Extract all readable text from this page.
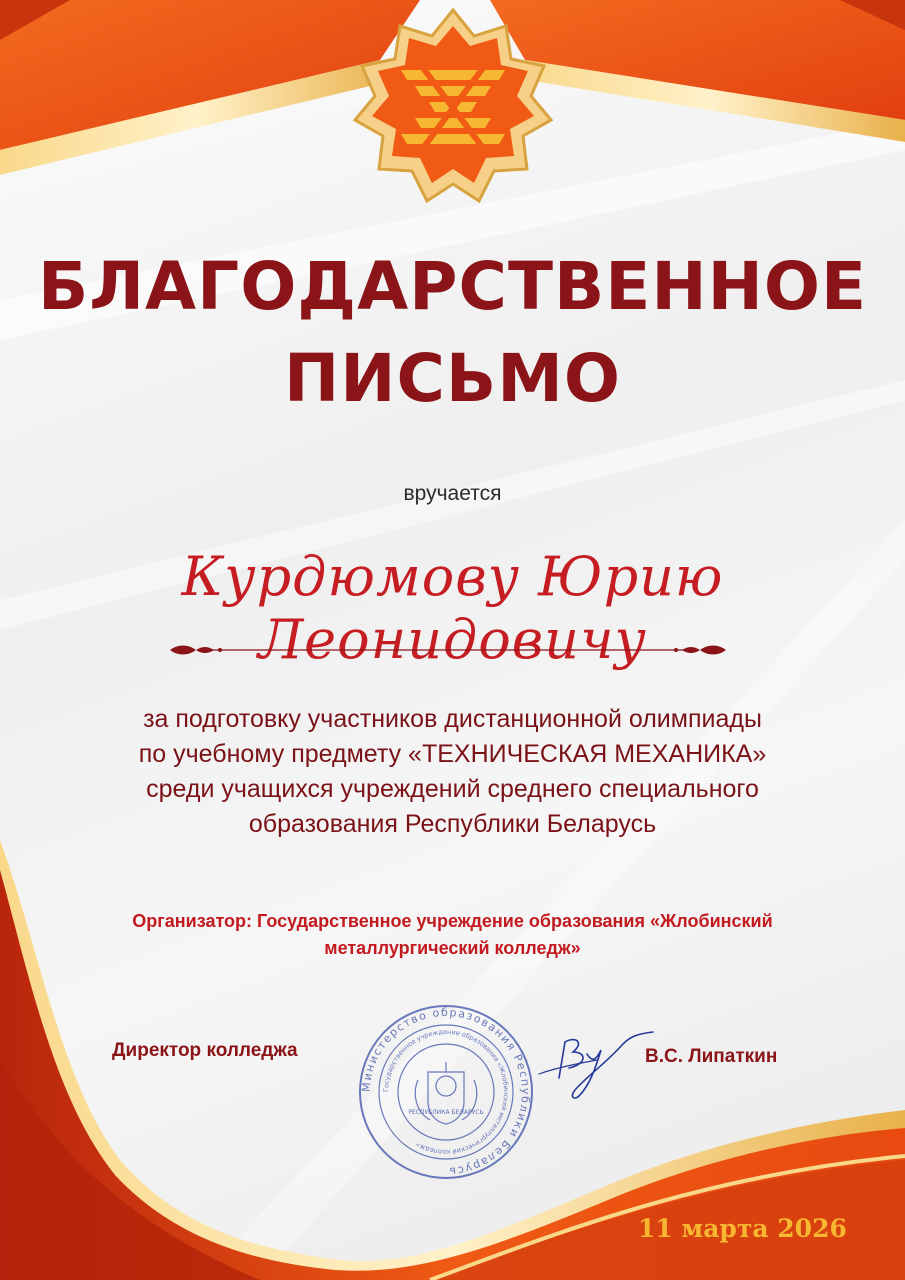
БЛАГОДАРСТВЕННОЕ
ПИСЬМО
вручается
Курдюмову Юрию Леонидовичу
за подготовку участников дистанционной олимпиады
по учебному предмету «ТЕХНИЧЕСКАЯ МЕХАНИКА»
среди учащихся учреждений среднего специального
образования Республики Беларусь
Организатор: Государственное учреждение образования «Жлобинский
металлургический колледж»
Директор колледжа
Министерство образования Республики Беларусь
Государственное учреждение образования «Жлобинский металлургический колледж»
РЕСПУБЛИКА БЕЛАРУСЬ
В.С. Липаткин
11 марта 2026
